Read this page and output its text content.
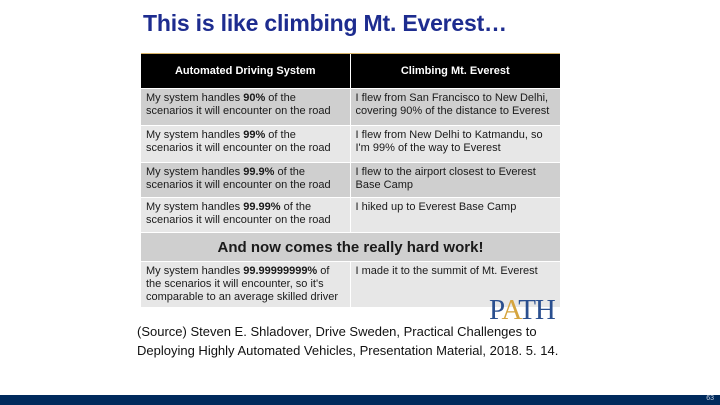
This is like climbing Mt. Everest…
Automated Driving System	Climbing Mt. Everest
My system handles 90% of the scenarios it will encounter on the road	I flew from San Francisco to New Delhi, covering 90% of the distance to Everest
My system handles 99% of the scenarios it will encounter on the road	I flew from New Delhi to Katmandu, so I'm 99% of the way to Everest
My system handles 99.9% of the scenarios it will encounter on the road	I flew to the airport closest to Everest Base Camp
My system handles 99.99% of the scenarios it will encounter on the road	I hiked up to Everest Base Camp
And now comes the really hard work!	
My system handles 99.99999999% of the scenarios it will encounter, so it's comparable to an average skilled driver	I made it to the summit of Mt. Everest
PATH
(Source) Steven E. Shladover, Drive Sweden, Practical Challenges to
Deploying Highly Automated Vehicles, Presentation Material, 2018. 5. 14.
63
